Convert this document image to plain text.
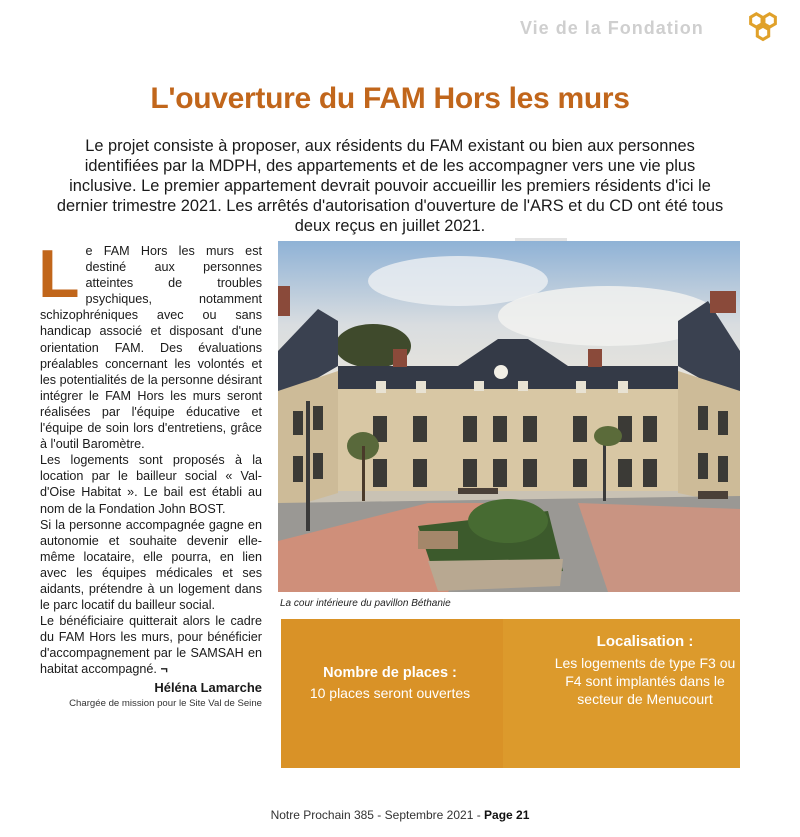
Vie de la Fondation
L'ouverture du FAM Hors les murs

Le projet consiste à proposer, aux résidents du FAM existant ou bien aux personnes identifiées par la MDPH, des appartements et de les accompagner vers une vie plus inclusive. Le premier appartement devrait pouvoir accueillir les premiers résidents d'ici le dernier trimestre 2021. Les arrêtés d'autorisation d'ouverture de l'ARS et du CD ont été tous deux reçus en juillet 2021.

Le FAM Hors les murs est destiné aux personnes atteintes de troubles psychiques, notamment schizophréniques avec ou sans handicap associé et disposant d'une orientation FAM. Des évaluations préalables concernant les volontés et les potentialités de la personne désirant intégrer le FAM Hors les murs seront réalisées par l'équipe éducative et l'équipe de soin lors d'entretiens, grâce à l'outil Baromètre.

Les logements sont proposés à la location par le bailleur social « Val-d'Oise Habitat ». Le bail est établi au nom de la Fondation John BOST.

Si la personne accompagnée gagne en autonomie et souhaite devenir elle-même locataire, elle pourra, en lien avec les équipes médicales et ses aidants, prétendre à un logement dans le parc locatif du bailleur social.

Le bénéficiaire quitterait alors le cadre du FAM Hors les murs, pour bénéficier d'accompagnement par le SAMSAH en habitat accompagné. ¬

Héléna Lamarche
Chargée de mission pour le Site Val de Seine
La cour intérieure du pavillon Béthanie
Nombre de places :
10 places seront ouvertes
Localisation :
Les logements de type F3 ou F4 sont implantés dans le secteur de Menucourt
Notre Prochain 385 - Septembre 2021 - Page 21
